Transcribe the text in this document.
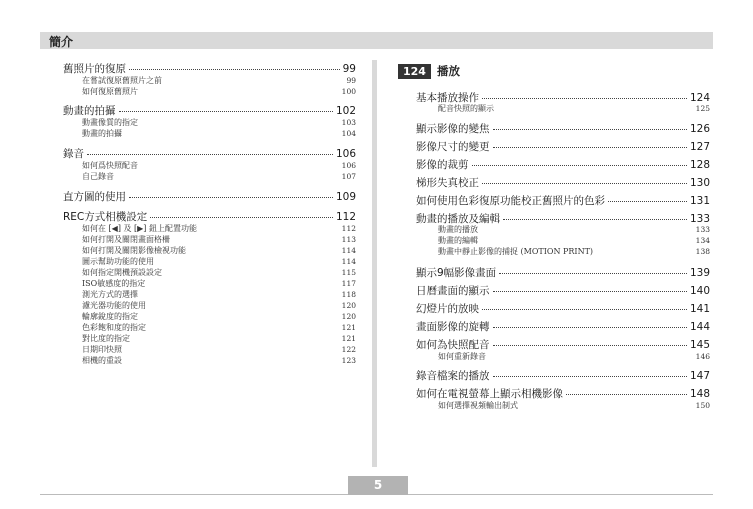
簡介
舊照片的復原	99
在嘗試復原舊照片之前	99
如何復原舊照片	100
動畫的拍攝	102
動畫像質的指定	103
動畫的拍攝	104
錄音	106
如何爲快照配音	106
自己錄音	107
直方圖的使用	109
REC方式相機設定	112
如何在 [◀] 及 [▶] 鈕上配置功能	112
如何打開及關閉畫面格柵	113
如何打開及關閉影像檢視功能	114
圖示幫助功能的使用	114
如何指定開機預設設定	115
ISO敏感度的指定	117
測光方式的選擇	118
濾光器功能的使用	120
輪廓銳度的指定	120
色彩飽和度的指定	121
對比度的指定	121
日期印快照	122
相機的重設	123
124 播放
基本播放操作	124
配音快照的顯示	125
顯示影像的變焦	126
影像尺寸的變更	127
影像的裁剪	128
梯形失真校正	130
如何使用色彩復原功能校正舊照片的色彩	131
動畫的播放及編輯	133
動畫的播放	133
動畫的編輯	134
動畫中靜止影像的捕捉 (MOTION PRINT)	138
顯示9幅影像畫面	139
日曆畫面的顯示	140
幻燈片的放映	141
畫面影像的旋轉	144
如何為快照配音	145
如何重新錄音	146
錄音檔案的播放	147
如何在電視螢幕上顯示相機影像	148
如何選擇視頻輸出制式	150
5
